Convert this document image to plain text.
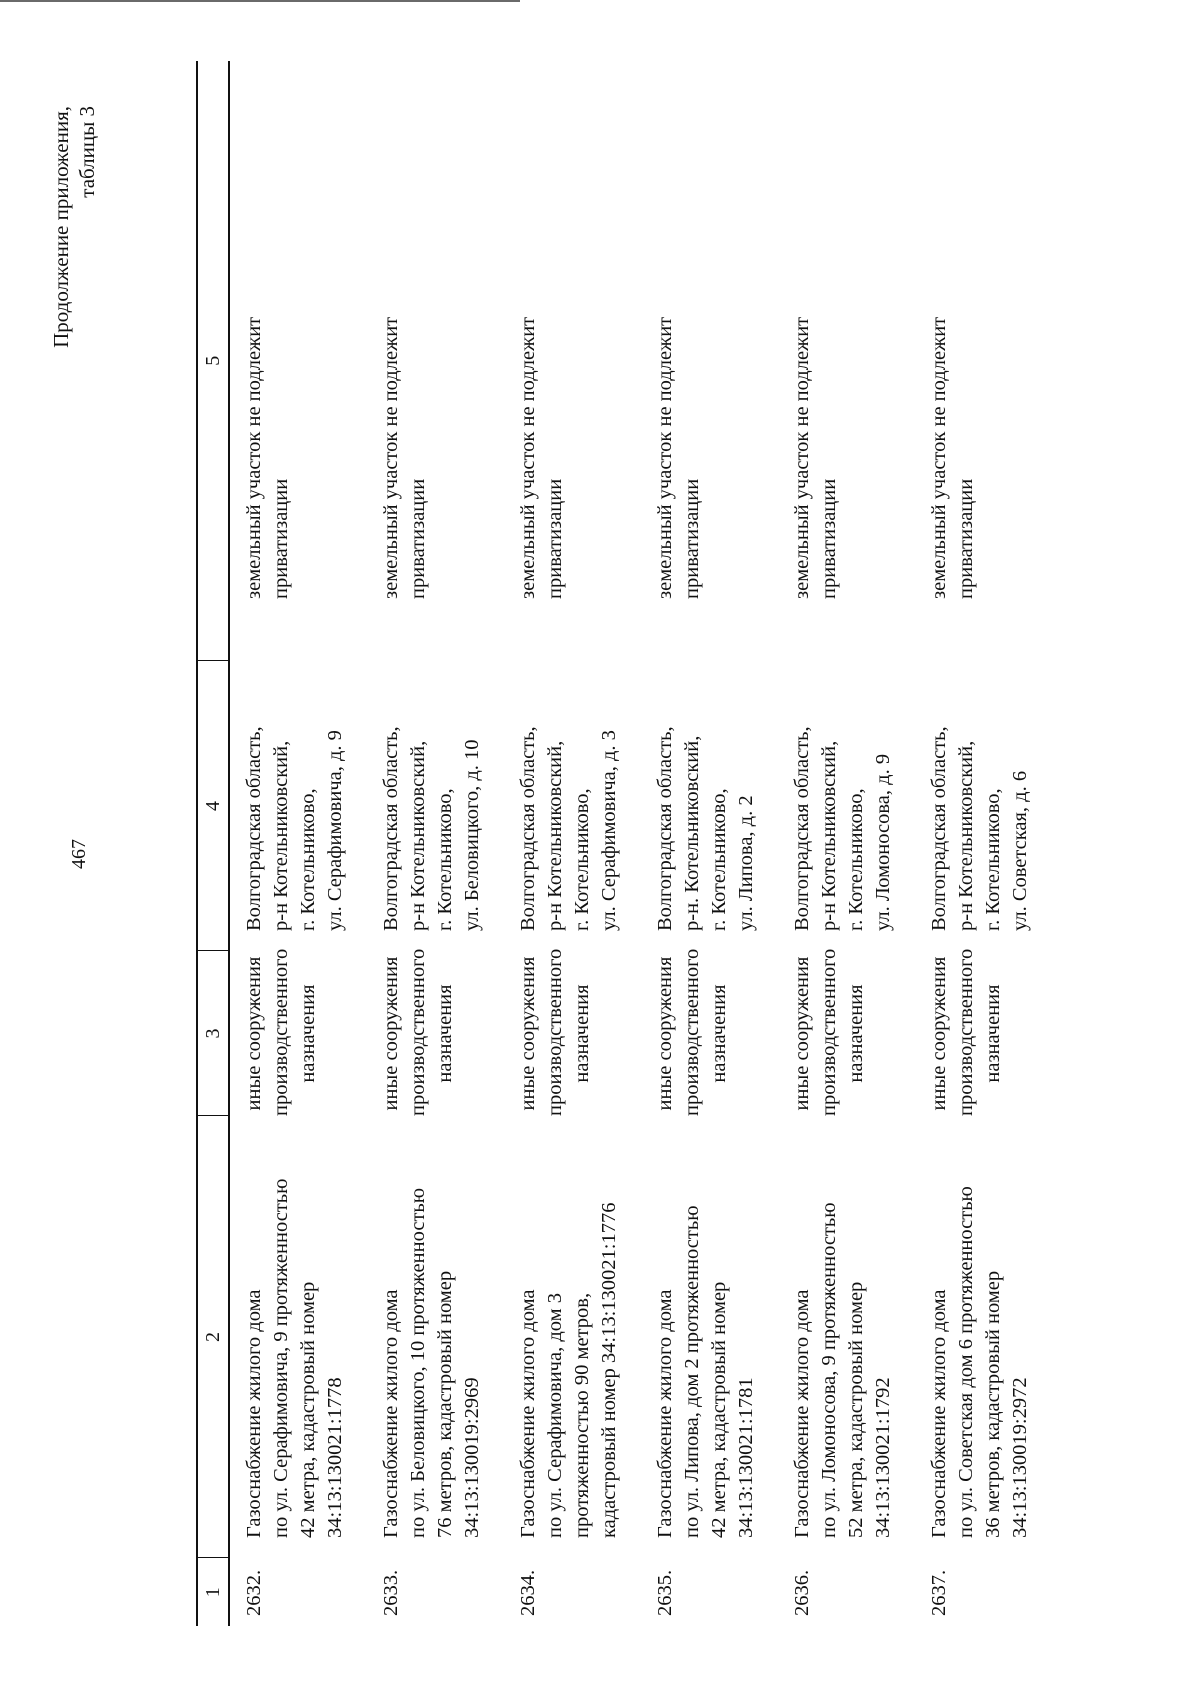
467
Продолжение приложения, таблицы 3
1	2	3	4	5
2632.	Газоснабжение жилого дома по ул. Серафимовича, 9 протяженностью 42 метра, кадастровый номер 34:13:130021:1778	иные сооружения производственного назначения	Волгоградская область, р-н Котельниковский, г. Котельниково, ул. Серафимовича, д. 9	земельный участок не подлежит приватизации

2633.	Газоснабжение жилого дома по ул. Беловицкого, 10 протяженностью 76 метров, кадастровый номер 34:13:130019:2969	иные сооружения производственного назначения	Волгоградская область, р-н Котельниковский, г. Котельниково, ул. Беловицкого, д. 10	земельный участок не подлежит приватизации

2634.	Газоснабжение жилого дома по ул. Серафимовича, дом 3 протяженностью 90 метров, кадастровый номер 34:13:130021:1776	иные сооружения производственного назначения	Волгоградская область, р-н Котельниковский, г. Котельниково, ул. Серафимовича, д. 3	земельный участок не подлежит приватизации

2635.	Газоснабжение жилого дома по ул. Липова, дом 2 протяженностью 42 метра, кадастровый номер 34:13:130021:1781	иные сооружения производственного назначения	Волгоградская область, р-н. Котельниковский, г. Котельниково, ул. Липова, д. 2	земельный участок не подлежит приватизации

2636.	Газоснабжение жилого дома по ул. Ломоносова, 9 протяженностью 52 метра, кадастровый номер 34:13:130021:1792	иные сооружения производственного назначения	Волгоградская область, р-н Котельниковский, г. Котельниково, ул. Ломоносова, д. 9	земельный участок не подлежит приватизации

2637.	Газоснабжение жилого дома по ул. Советская дом 6 протяженностью 36 метров, кадастровый номер 34:13:130019:2972	иные сооружения производственного назначения	Волгоградская область, р-н Котельниковский, г. Котельниково, ул. Советская, д. 6	земельный участок не подлежит приватизации
